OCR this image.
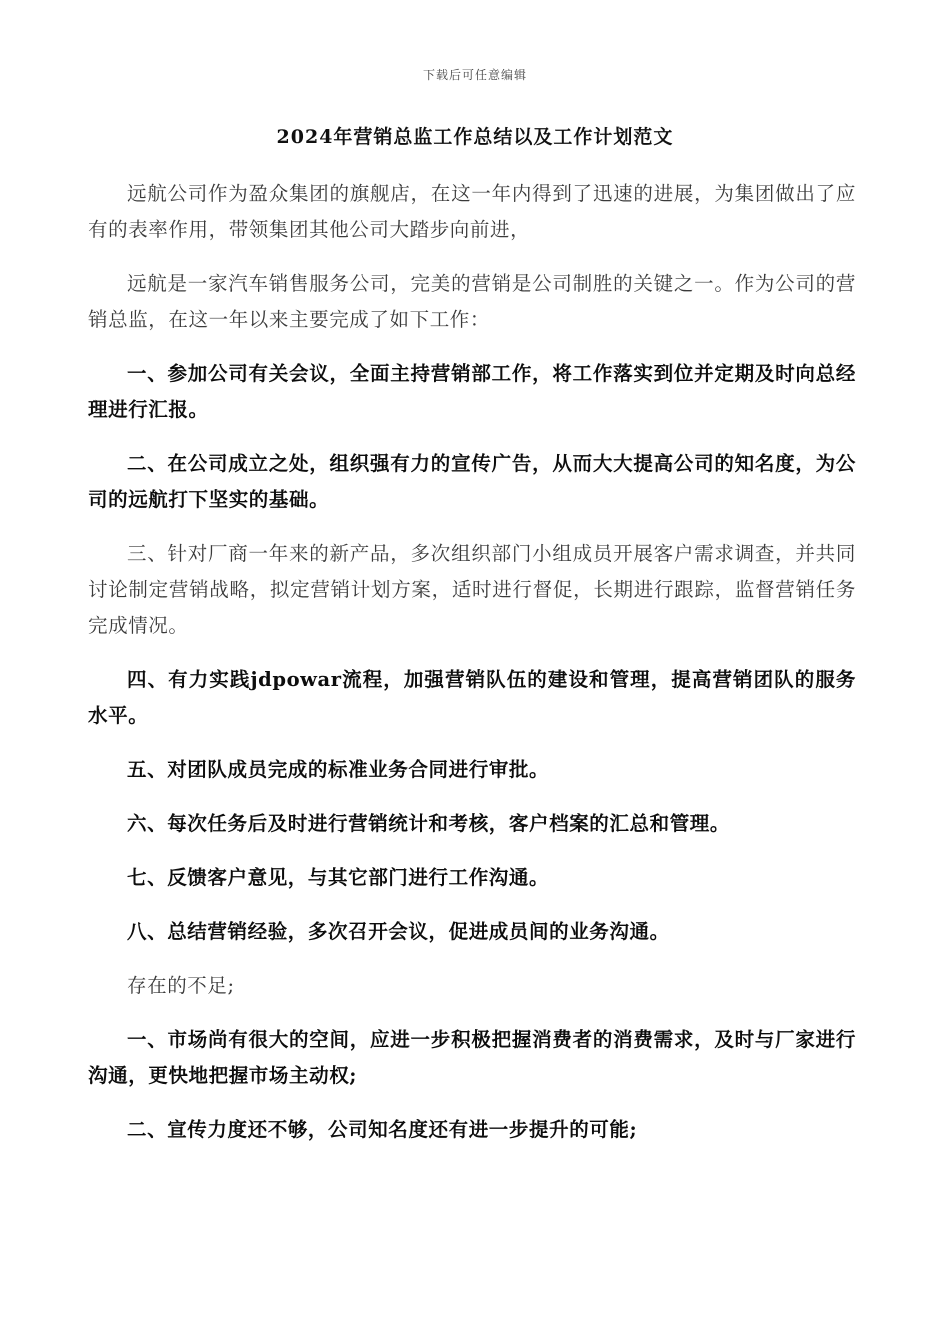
下载后可任意编辑
2024年营销总监工作总结以及工作计划范文

远航公司作为盈众集团的旗舰店，在这一年内得到了迅速的进展，为集团做出了应有的表率作用，带领集团其他公司大踏步向前进，

远航是一家汽车销售服务公司，完美的营销是公司制胜的关键之一。作为公司的营销总监，在这一年以来主要完成了如下工作：

一、参加公司有关会议，全面主持营销部工作，将工作落实到位并定期及时向总经理进行汇报。

二、在公司成立之处，组织强有力的宣传广告，从而大大提高公司的知名度，为公司的远航打下坚实的基础。

三、针对厂商一年来的新产品，多次组织部门小组成员开展客户需求调查，并共同讨论制定营销战略，拟定营销计划方案，适时进行督促，长期进行跟踪，监督营销任务完成情况。

四、有力实践jdpowar流程，加强营销队伍的建设和管理，提高营销团队的服务水平。

五、对团队成员完成的标准业务合同进行审批。

六、每次任务后及时进行营销统计和考核，客户档案的汇总和管理。

七、反馈客户意见，与其它部门进行工作沟通。

八、总结营销经验，多次召开会议，促进成员间的业务沟通。

存在的不足;

一、市场尚有很大的空间，应进一步积极把握消费者的消费需求，及时与厂家进行沟通，更快地把握市场主动权;

二、宣传力度还不够，公司知名度还有进一步提升的可能;
